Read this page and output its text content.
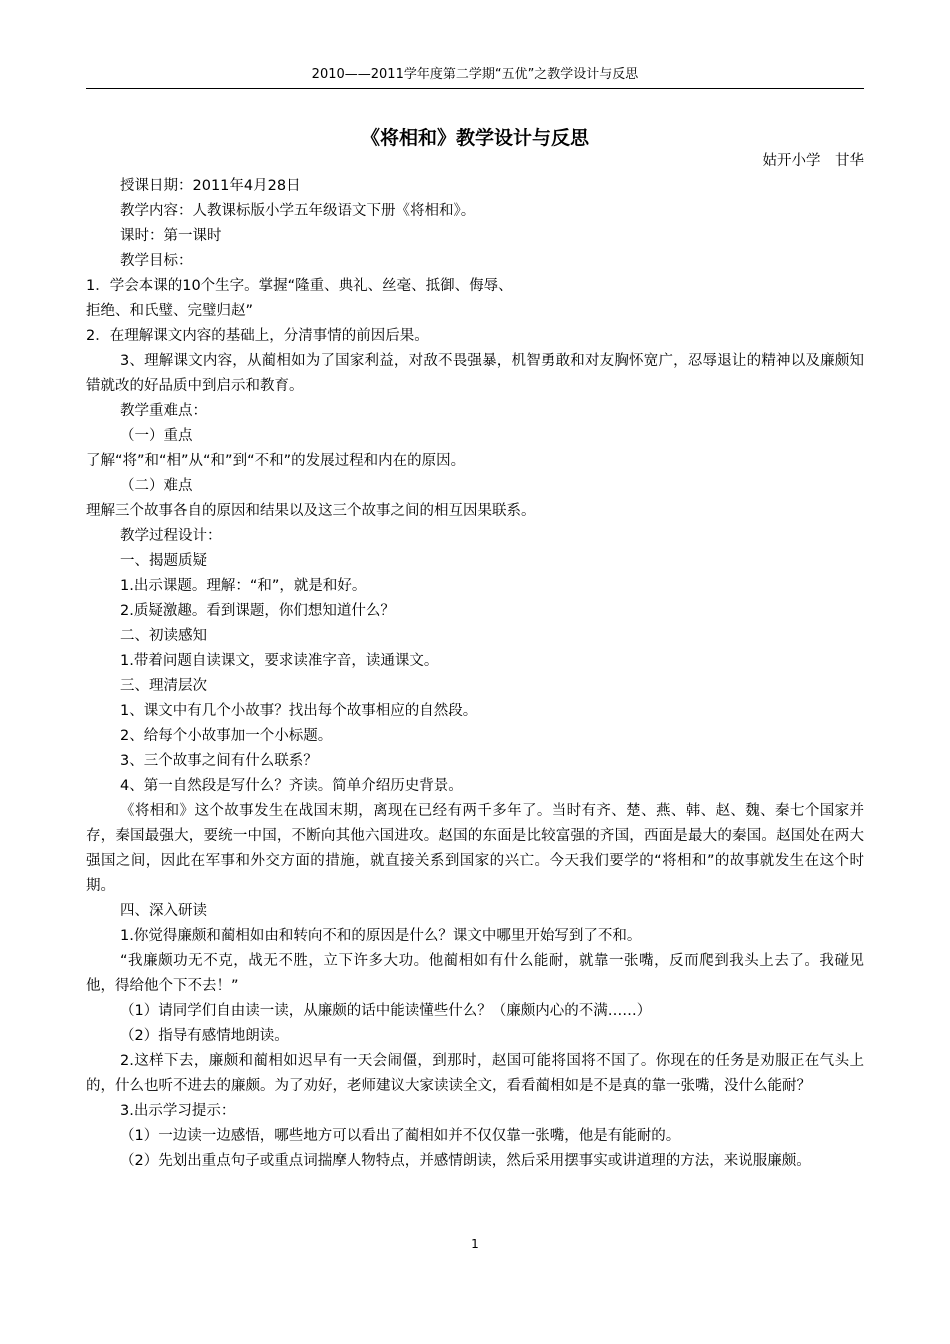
2010——2011学年度第二学期“五优”之教学设计与反思
《将相和》教学设计与反思
姑开小学　甘华

授课日期：2011年4月28日

教学内容：人教课标版小学五年级语文下册《将相和》。

课时：第一课时

教学目标：

1．学会本课的10个生字。掌握“隆重、典礼、丝毫、抵御、侮辱、

拒绝、和氏璧、完璧归赵”

2．在理解课文内容的基础上，分清事情的前因后果。

3、理解课文内容，从蔺相如为了国家利益，对敌不畏强暴，机智勇敢和对友胸怀宽广，忍辱退让的精神以及廉颇知错就改的好品质中到启示和教育。

教学重难点：

（一）重点

了解“将”和“相”从“和”到“不和”的发展过程和内在的原因。

（二）难点

理解三个故事各自的原因和结果以及这三个故事之间的相互因果联系。

教学过程设计：

一、揭题质疑

1.出示课题。理解：“和”，就是和好。

2.质疑激趣。看到课题，你们想知道什么？

二、初读感知

1.带着问题自读课文，要求读准字音，读通课文。

三、理清层次

1、课文中有几个小故事？找出每个故事相应的自然段。

2、给每个小故事加一个小标题。

3、三个故事之间有什么联系？

4、第一自然段是写什么？齐读。简单介绍历史背景。

《将相和》这个故事发生在战国末期，离现在已经有两千多年了。当时有齐、楚、燕、韩、赵、魏、秦七个国家并存，秦国最强大，要统一中国，不断向其他六国进攻。赵国的东面是比较富强的齐国，西面是最大的秦国。赵国处在两大强国之间，因此在军事和外交方面的措施，就直接关系到国家的兴亡。今天我们要学的“将相和”的故事就发生在这个时期。

四、深入研读

1.你觉得廉颇和蔺相如由和转向不和的原因是什么？课文中哪里开始写到了不和。

“我廉颇功无不克，战无不胜，立下许多大功。他蔺相如有什么能耐，就靠一张嘴，反而爬到我头上去了。我碰见他，得给他个下不去！”

（1）请同学们自由读一读，从廉颇的话中能读懂些什么？（廉颇内心的不满……）

（2）指导有感情地朗读。

2.这样下去，廉颇和蔺相如迟早有一天会闹僵，到那时，赵国可能将国将不国了。你现在的任务是劝服正在气头上的，什么也听不进去的廉颇。为了劝好，老师建议大家读读全文，看看蔺相如是不是真的靠一张嘴，没什么能耐？

3.出示学习提示：

（1）一边读一边感悟，哪些地方可以看出了蔺相如并不仅仅靠一张嘴，他是有能耐的。

（2）先划出重点句子或重点词揣摩人物特点，并感情朗读，然后采用摆事实或讲道理的方法，来说服廉颇。

1
